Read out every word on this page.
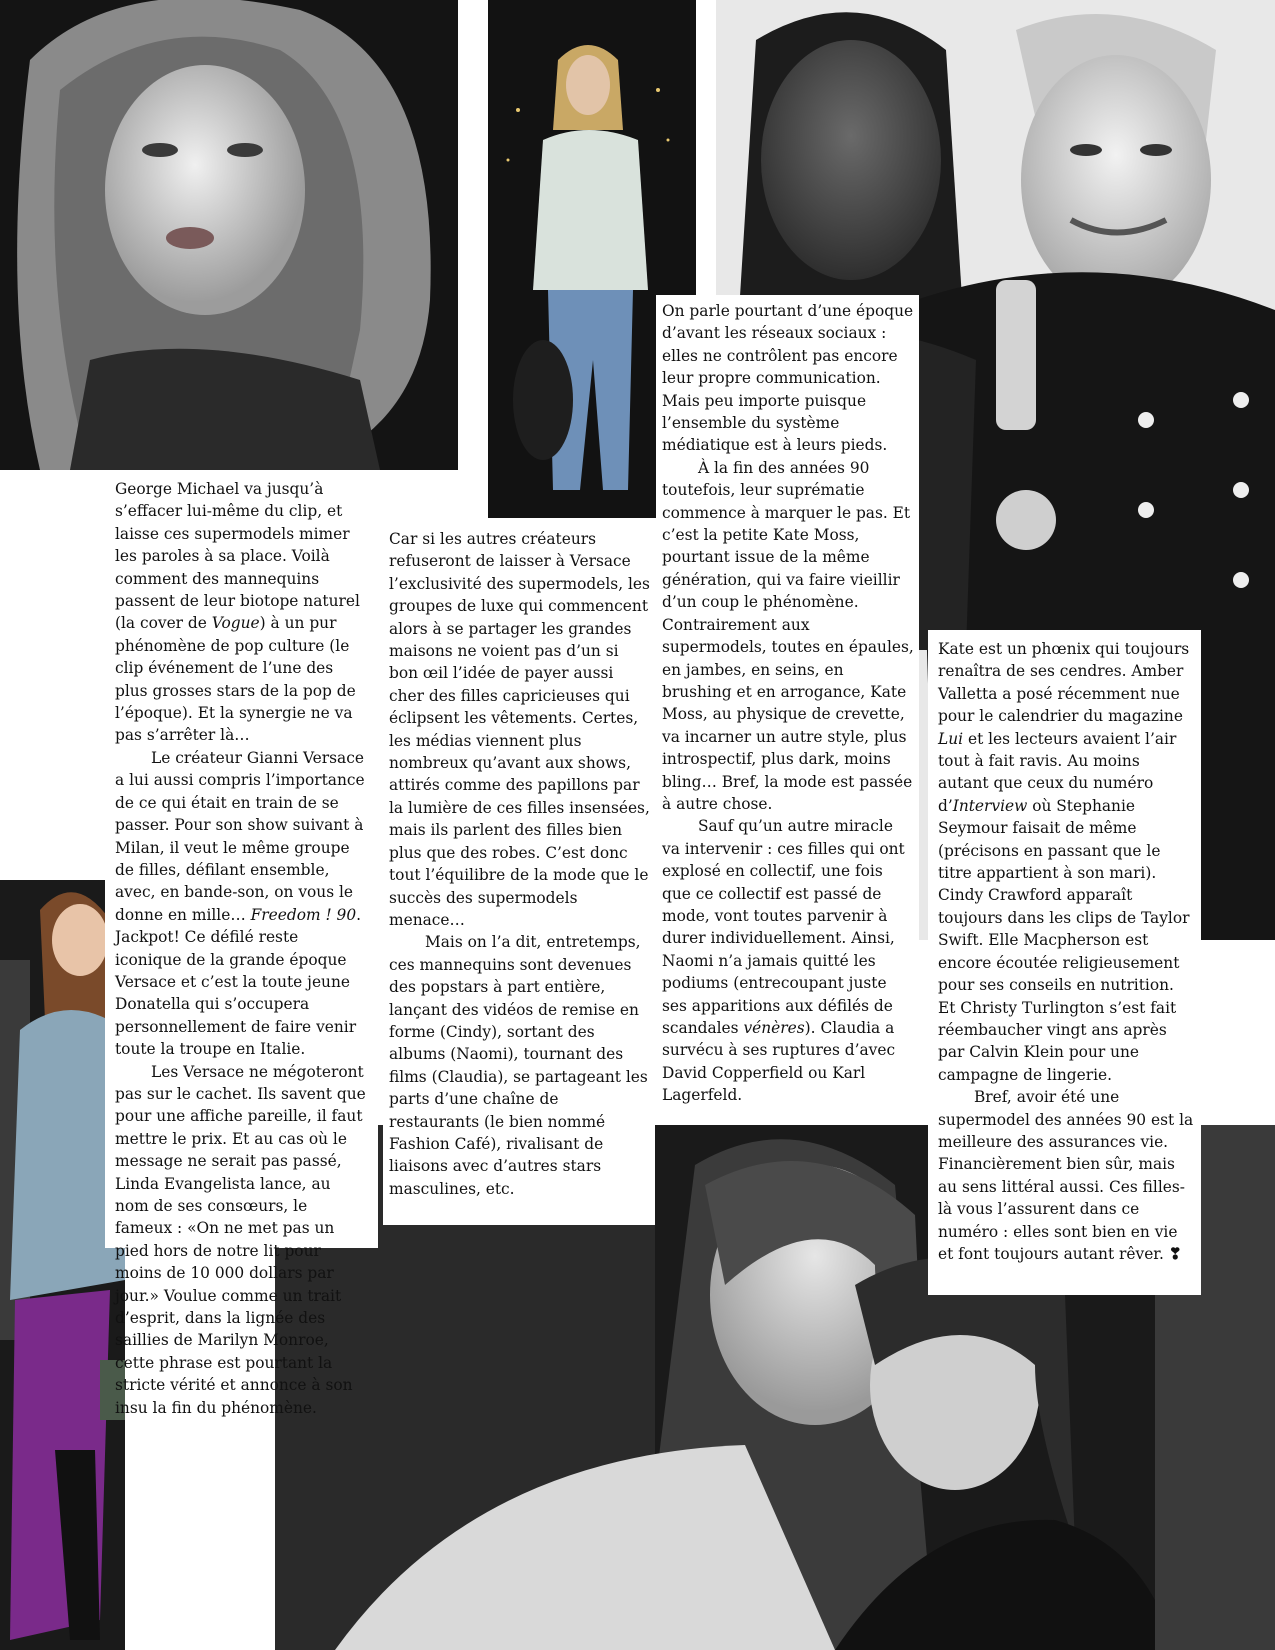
George Michael va jusqu’à s’effacer lui-même du clip, et laisse ces supermodels mimer les paroles à sa place. Voilà comment des mannequins passent de leur biotope naturel (la cover de Vogue) à un pur phénomène de pop culture (le clip événement de l’une des plus grosses stars de la pop de l’époque). Et la synergie ne va pas s’arrêter là…

Le créateur Gianni Versace a lui aussi compris l’importance de ce qui était en train de se passer. Pour son show suivant à Milan, il veut le même groupe de filles, défilant ensemble, avec, en bande-son, on vous le donne en mille… Freedom ! 90. Jackpot! Ce défilé reste iconique de la grande époque Versace et c’est la toute jeune Donatella qui s’occupera personnellement de faire venir toute la troupe en Italie.

Les Versace ne mégoteront pas sur le cachet. Ils savent que pour une affiche pareille, il faut mettre le prix. Et au cas où le message ne serait pas passé, Linda Evangelista lance, au nom de ses consœurs, le fameux : «On ne met pas un pied hors de notre lit pour moins de 10 000 dollars par jour.» Voulue comme un trait d’esprit, dans la lignée des saillies de Marilyn Monroe, cette phrase est pourtant la stricte vérité et annonce à son insu la fin du phénomène.

Car si les autres créateurs refuseront de laisser à Versace l’exclusivité des supermodels, les groupes de luxe qui commencent alors à se partager les grandes maisons ne voient pas d’un si bon œil l’idée de payer aussi cher des filles capricieuses qui éclipsent les vêtements. Certes, les médias viennent plus nombreux qu’avant aux shows, attirés comme des papillons par la lumière de ces filles insensées, mais ils parlent des filles bien plus que des robes. C’est donc tout l’équilibre de la mode que le succès des supermodels menace…

Mais on l’a dit, entretemps, ces mannequins sont devenues des popstars à part entière, lançant des vidéos de remise en forme (Cindy), sortant des albums (Naomi), tournant des films (Claudia), se partageant les parts d’une chaîne de restaurants (le bien nommé Fashion Café), rivalisant de liaisons avec d’autres stars masculines, etc.

On parle pourtant d’une époque d’avant les réseaux sociaux : elles ne contrôlent pas encore leur propre communication. Mais peu importe puisque l’ensemble du système médiatique est à leurs pieds.

À la fin des années 90 toutefois, leur suprématie commence à marquer le pas. Et c’est la petite Kate Moss, pourtant issue de la même génération, qui va faire vieillir d’un coup le phénomène. Contrairement aux supermodels, toutes en épaules, en jambes, en seins, en brushing et en arrogance, Kate Moss, au physique de crevette, va incarner un autre style, plus introspectif, plus dark, moins bling… Bref, la mode est passée à autre chose.

Sauf qu’un autre miracle va intervenir : ces filles qui ont explosé en collectif, une fois que ce collectif est passé de mode, vont toutes parvenir à durer individuellement. Ainsi, Naomi n’a jamais quitté les podiums (entrecoupant juste ses apparitions aux défilés de scandales vénères). Claudia a survécu à ses ruptures d’avec David Copperfield ou Karl Lagerfeld.

Kate est un phœnix qui toujours renaîtra de ses cendres. Amber Valletta a posé récemment nue pour le calendrier du magazine Lui et les lecteurs avaient l’air tout à fait ravis. Au moins autant que ceux du numéro d’Interview où Stephanie Seymour faisait de même (précisons en passant que le titre appartient à son mari). Cindy Crawford apparaît toujours dans les clips de Taylor Swift. Elle Macpherson est encore écoutée religieusement pour ses conseils en nutrition. Et Christy Turlington s’est fait réembaucher vingt ans après par Calvin Klein pour une campagne de lingerie.

Bref, avoir été une supermodel des années 90 est la meilleure des assurances vie. Financièrement bien sûr, mais au sens littéral aussi. Ces filles-là vous l’assurent dans ce numéro : elles sont bien en vie et font toujours autant rêver. ❣
